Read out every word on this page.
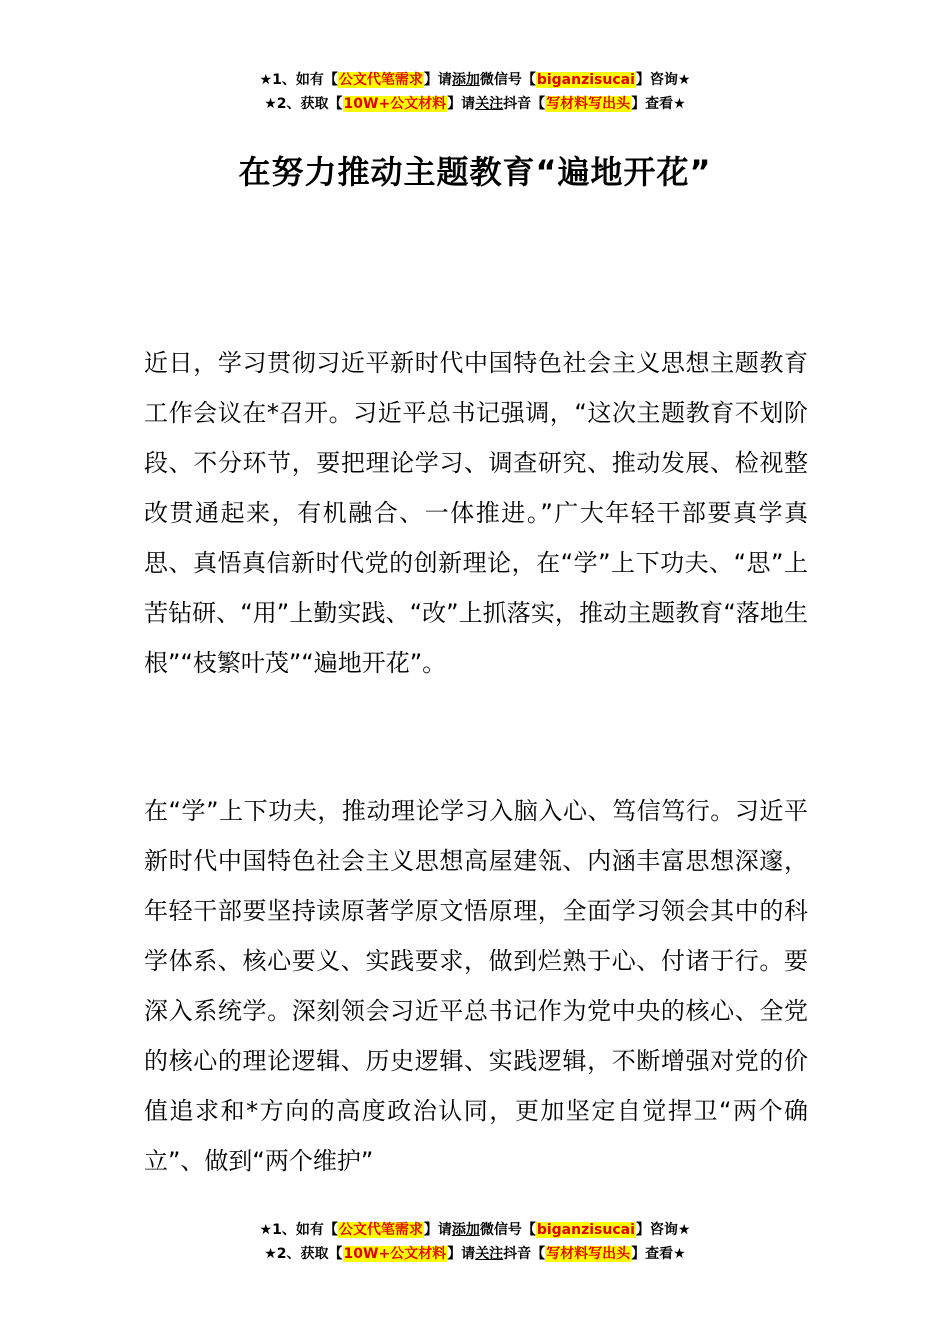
★1、如有【公文代笔需求】请添加微信号【biganzisucai】咨询★
★2、获取【10W+公文材料】请关注抖音【写材料写出头】查看★
在努力推动主题教育“遍地开花”
近日，学习贯彻习近平新时代中国特色社会主义思想主题教育工作会议在*召开。习近平总书记强调，“这次主题教育不划阶段、不分环节，要把理论学习、调查研究、推动发展、检视整改贯通起来，有机融合、一体推进。”广大年轻干部要真学真思、真悟真信新时代党的创新理论，在“学”上下功夫、“思”上苦钻研、“用”上勤实践、“改”上抓落实，推动主题教育“落地生根”“枝繁叶茂”“遍地开花”。
在“学”上下功夫，推动理论学习入脑入心、笃信笃行。习近平新时代中国特色社会主义思想高屋建瓴、内涵丰富思想深邃，年轻干部要坚持读原著学原文悟原理，全面学习领会其中的科学体系、核心要义、实践要求，做到烂熟于心、付诸于行。要深入系统学。深刻领会习近平总书记作为党中央的核心、全党的核心的理论逻辑、历史逻辑、实践逻辑，不断增强对党的价值追求和*方向的高度政治认同，更加坚定自觉捍卫“两个确立”、做到“两个维护”
★1、如有【公文代笔需求】请添加微信号【biganzisucai】咨询★
★2、获取【10W+公文材料】请关注抖音【写材料写出头】查看★
